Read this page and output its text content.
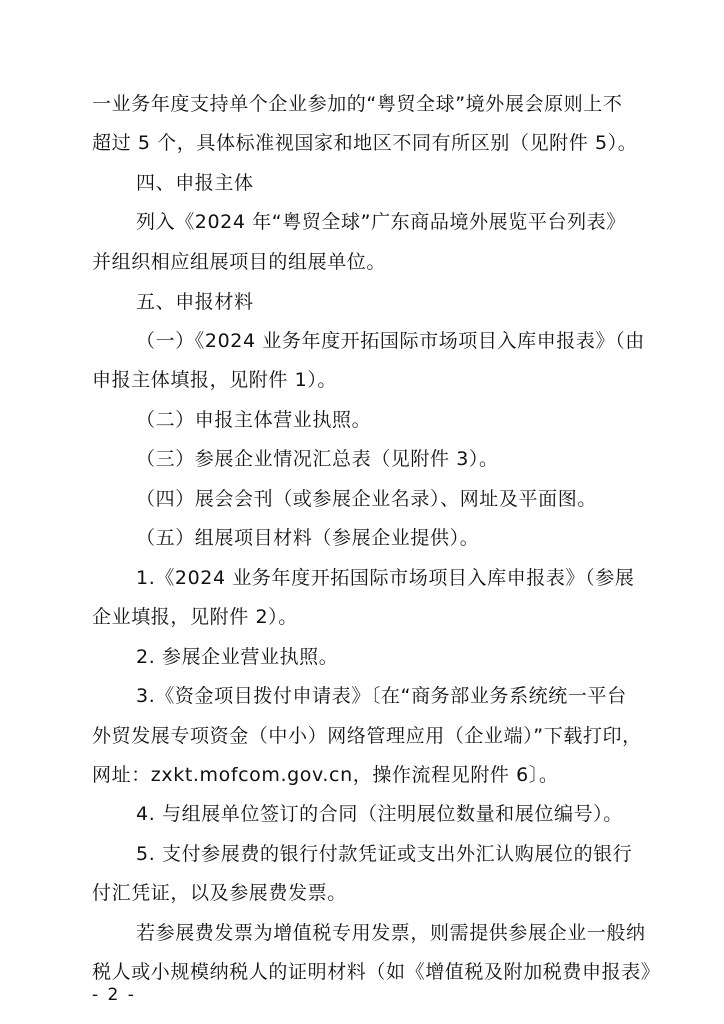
一业务年度支持单个企业参加的“粤贸全球”境外展会原则上不
超过 5 个，具体标准视国家和地区不同有所区别（见附件 5）。
四、申报主体
列入《2024 年“粤贸全球”广东商品境外展览平台列表》
并组织相应组展项目的组展单位。
五、申报材料
（一）《2024 业务年度开拓国际市场项目入库申报表》（由
申报主体填报，见附件 1）。
（二）申报主体营业执照。
（三）参展企业情况汇总表（见附件 3）。
（四）展会会刊（或参展企业名录）、网址及平面图。
（五）组展项目材料（参展企业提供）。
1.《2024 业务年度开拓国际市场项目入库申报表》（参展
企业填报，见附件 2）。
2. 参展企业营业执照。
3.《资金项目拨付申请表》〔在“商务部业务系统统一平台
外贸发展专项资金（中小）网络管理应用（企业端）”下载打印，
网址：zxkt.mofcom.gov.cn，操作流程见附件 6〕。
4. 与组展单位签订的合同（注明展位数量和展位编号）。
5. 支付参展费的银行付款凭证或支出外汇认购展位的银行
付汇凭证，以及参展费发票。
若参展费发票为增值税专用发票，则需提供参展企业一般纳
税人或小规模纳税人的证明材料（如《增值税及附加税费申报表》
- 2 -
